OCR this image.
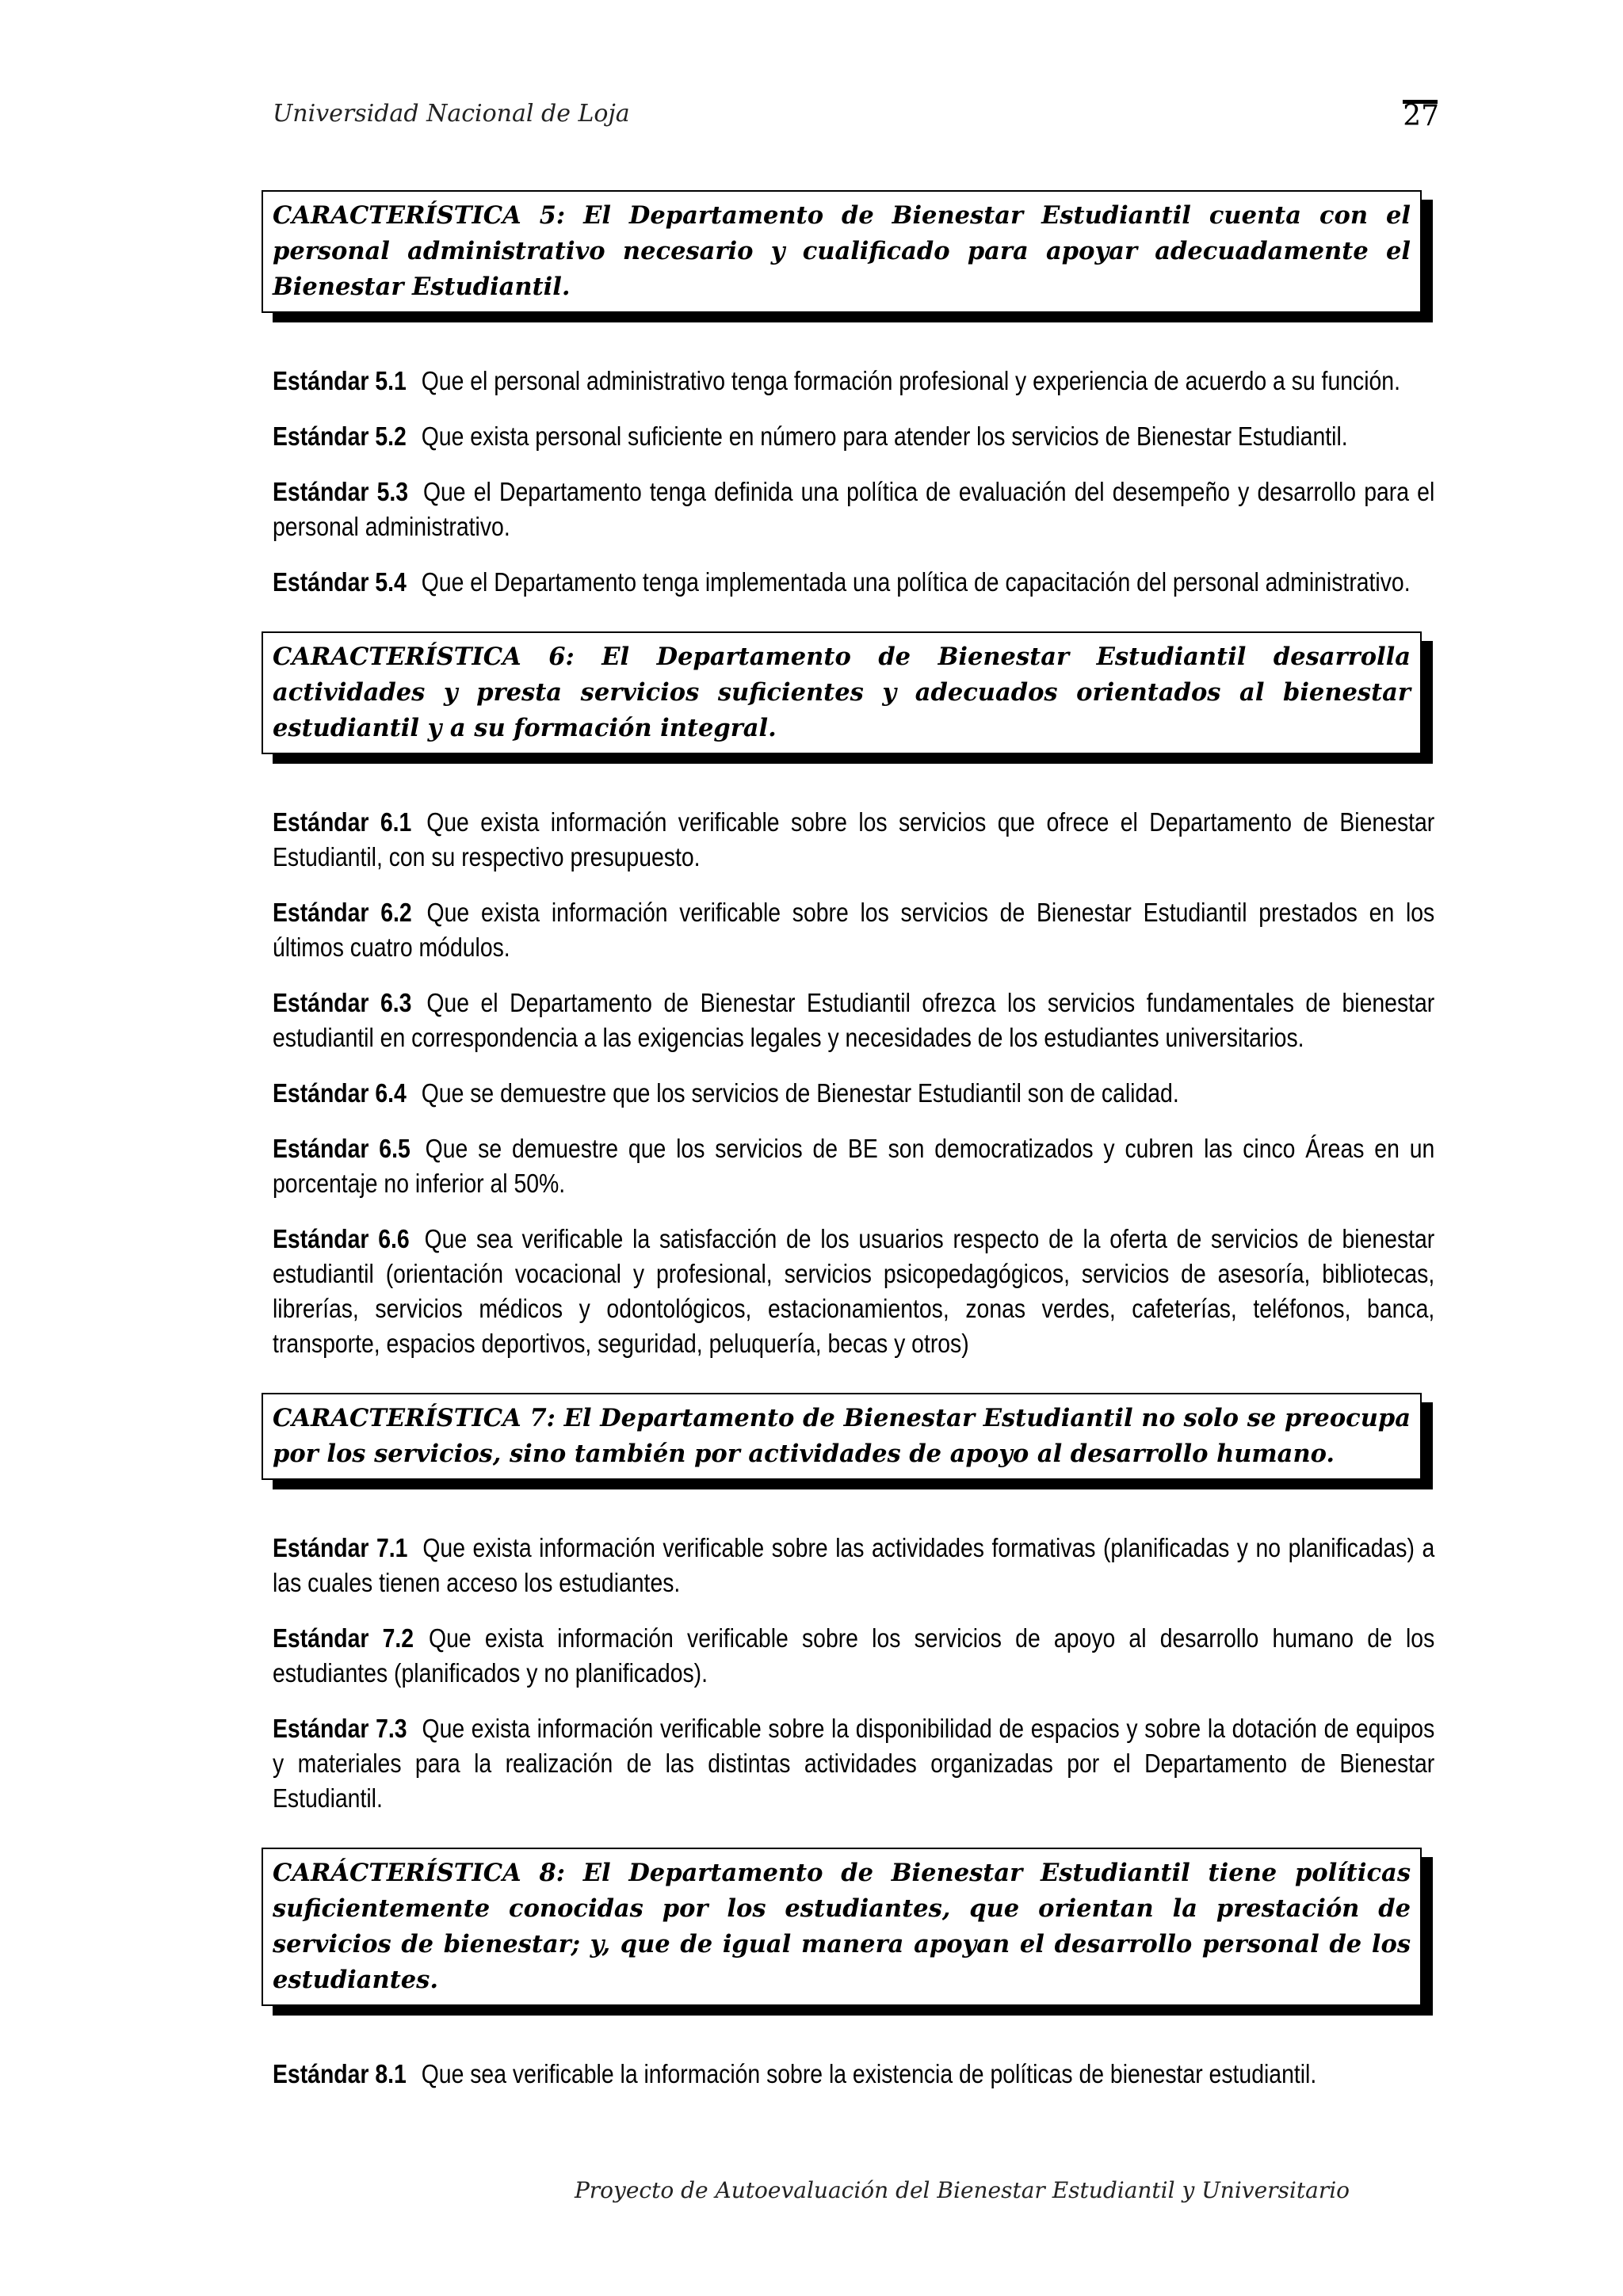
Universidad Nacional de Loja	27
CARACTERÍSTICA 5: El Departamento de Bienestar Estudiantil cuenta con el personal administrativo necesario y cualificado para apoyar adecuadamente el Bienestar Estudiantil.

Estándar 5.1 Que el personal administrativo tenga formación profesional y experiencia de acuerdo a su función.

Estándar 5.2 Que exista personal suficiente en número para atender los servicios de Bienestar Estudiantil.

Estándar 5.3 Que el Departamento tenga definida una política de evaluación del desempeño y desarrollo para el personal administrativo.

Estándar 5.4 Que el Departamento tenga implementada una política de capacitación del personal administrativo.

CARACTERÍSTICA 6: El Departamento de Bienestar Estudiantil desarrolla actividades y presta servicios suficientes y adecuados orientados al bienestar estudiantil y a su formación integral.

Estándar 6.1 Que exista información verificable sobre los servicios que ofrece el Departamento de Bienestar Estudiantil, con su respectivo presupuesto.

Estándar 6.2 Que exista información verificable sobre los servicios de Bienestar Estudiantil prestados en los últimos cuatro módulos.

Estándar 6.3 Que el Departamento de Bienestar Estudiantil ofrezca los servicios fundamentales de bienestar estudiantil en correspondencia a las exigencias legales y necesidades de los estudiantes universitarios.

Estándar 6.4 Que se demuestre que los servicios de Bienestar Estudiantil son de calidad.

Estándar 6.5 Que se demuestre que los servicios de BE son democratizados y cubren las cinco Áreas en un porcentaje no inferior al 50%.

Estándar 6.6 Que sea verificable la satisfacción de los usuarios respecto de la oferta de servicios de bienestar estudiantil (orientación vocacional y profesional, servicios psicopedagógicos, servicios de asesoría, bibliotecas, librerías, servicios médicos y odontológicos, estacionamientos, zonas verdes, cafeterías, teléfonos, banca, transporte, espacios deportivos, seguridad, peluquería, becas y otros)

CARACTERÍSTICA 7: El Departamento de Bienestar Estudiantil no solo se preocupa por los servicios, sino también por actividades de apoyo al desarrollo humano.

Estándar 7.1 Que exista información verificable sobre las actividades formativas (planificadas y no planificadas) a las cuales tienen acceso los estudiantes.

Estándar 7.2 Que exista información verificable sobre los servicios de apoyo al desarrollo humano de los estudiantes (planificados y no planificados).

Estándar 7.3 Que exista información verificable sobre la disponibilidad de espacios y sobre la dotación de equipos y materiales para la realización de las distintas actividades organizadas por el Departamento de Bienestar Estudiantil.

CARÁCTERÍSTICA 8: El Departamento de Bienestar Estudiantil tiene políticas suficientemente conocidas por los estudiantes, que orientan la prestación de servicios de bienestar; y, que de igual manera apoyan el desarrollo personal de los estudiantes.

Estándar 8.1 Que sea verificable la información sobre la existencia de políticas de bienestar estudiantil.

Proyecto de Autoevaluación del Bienestar Estudiantil y Universitario
